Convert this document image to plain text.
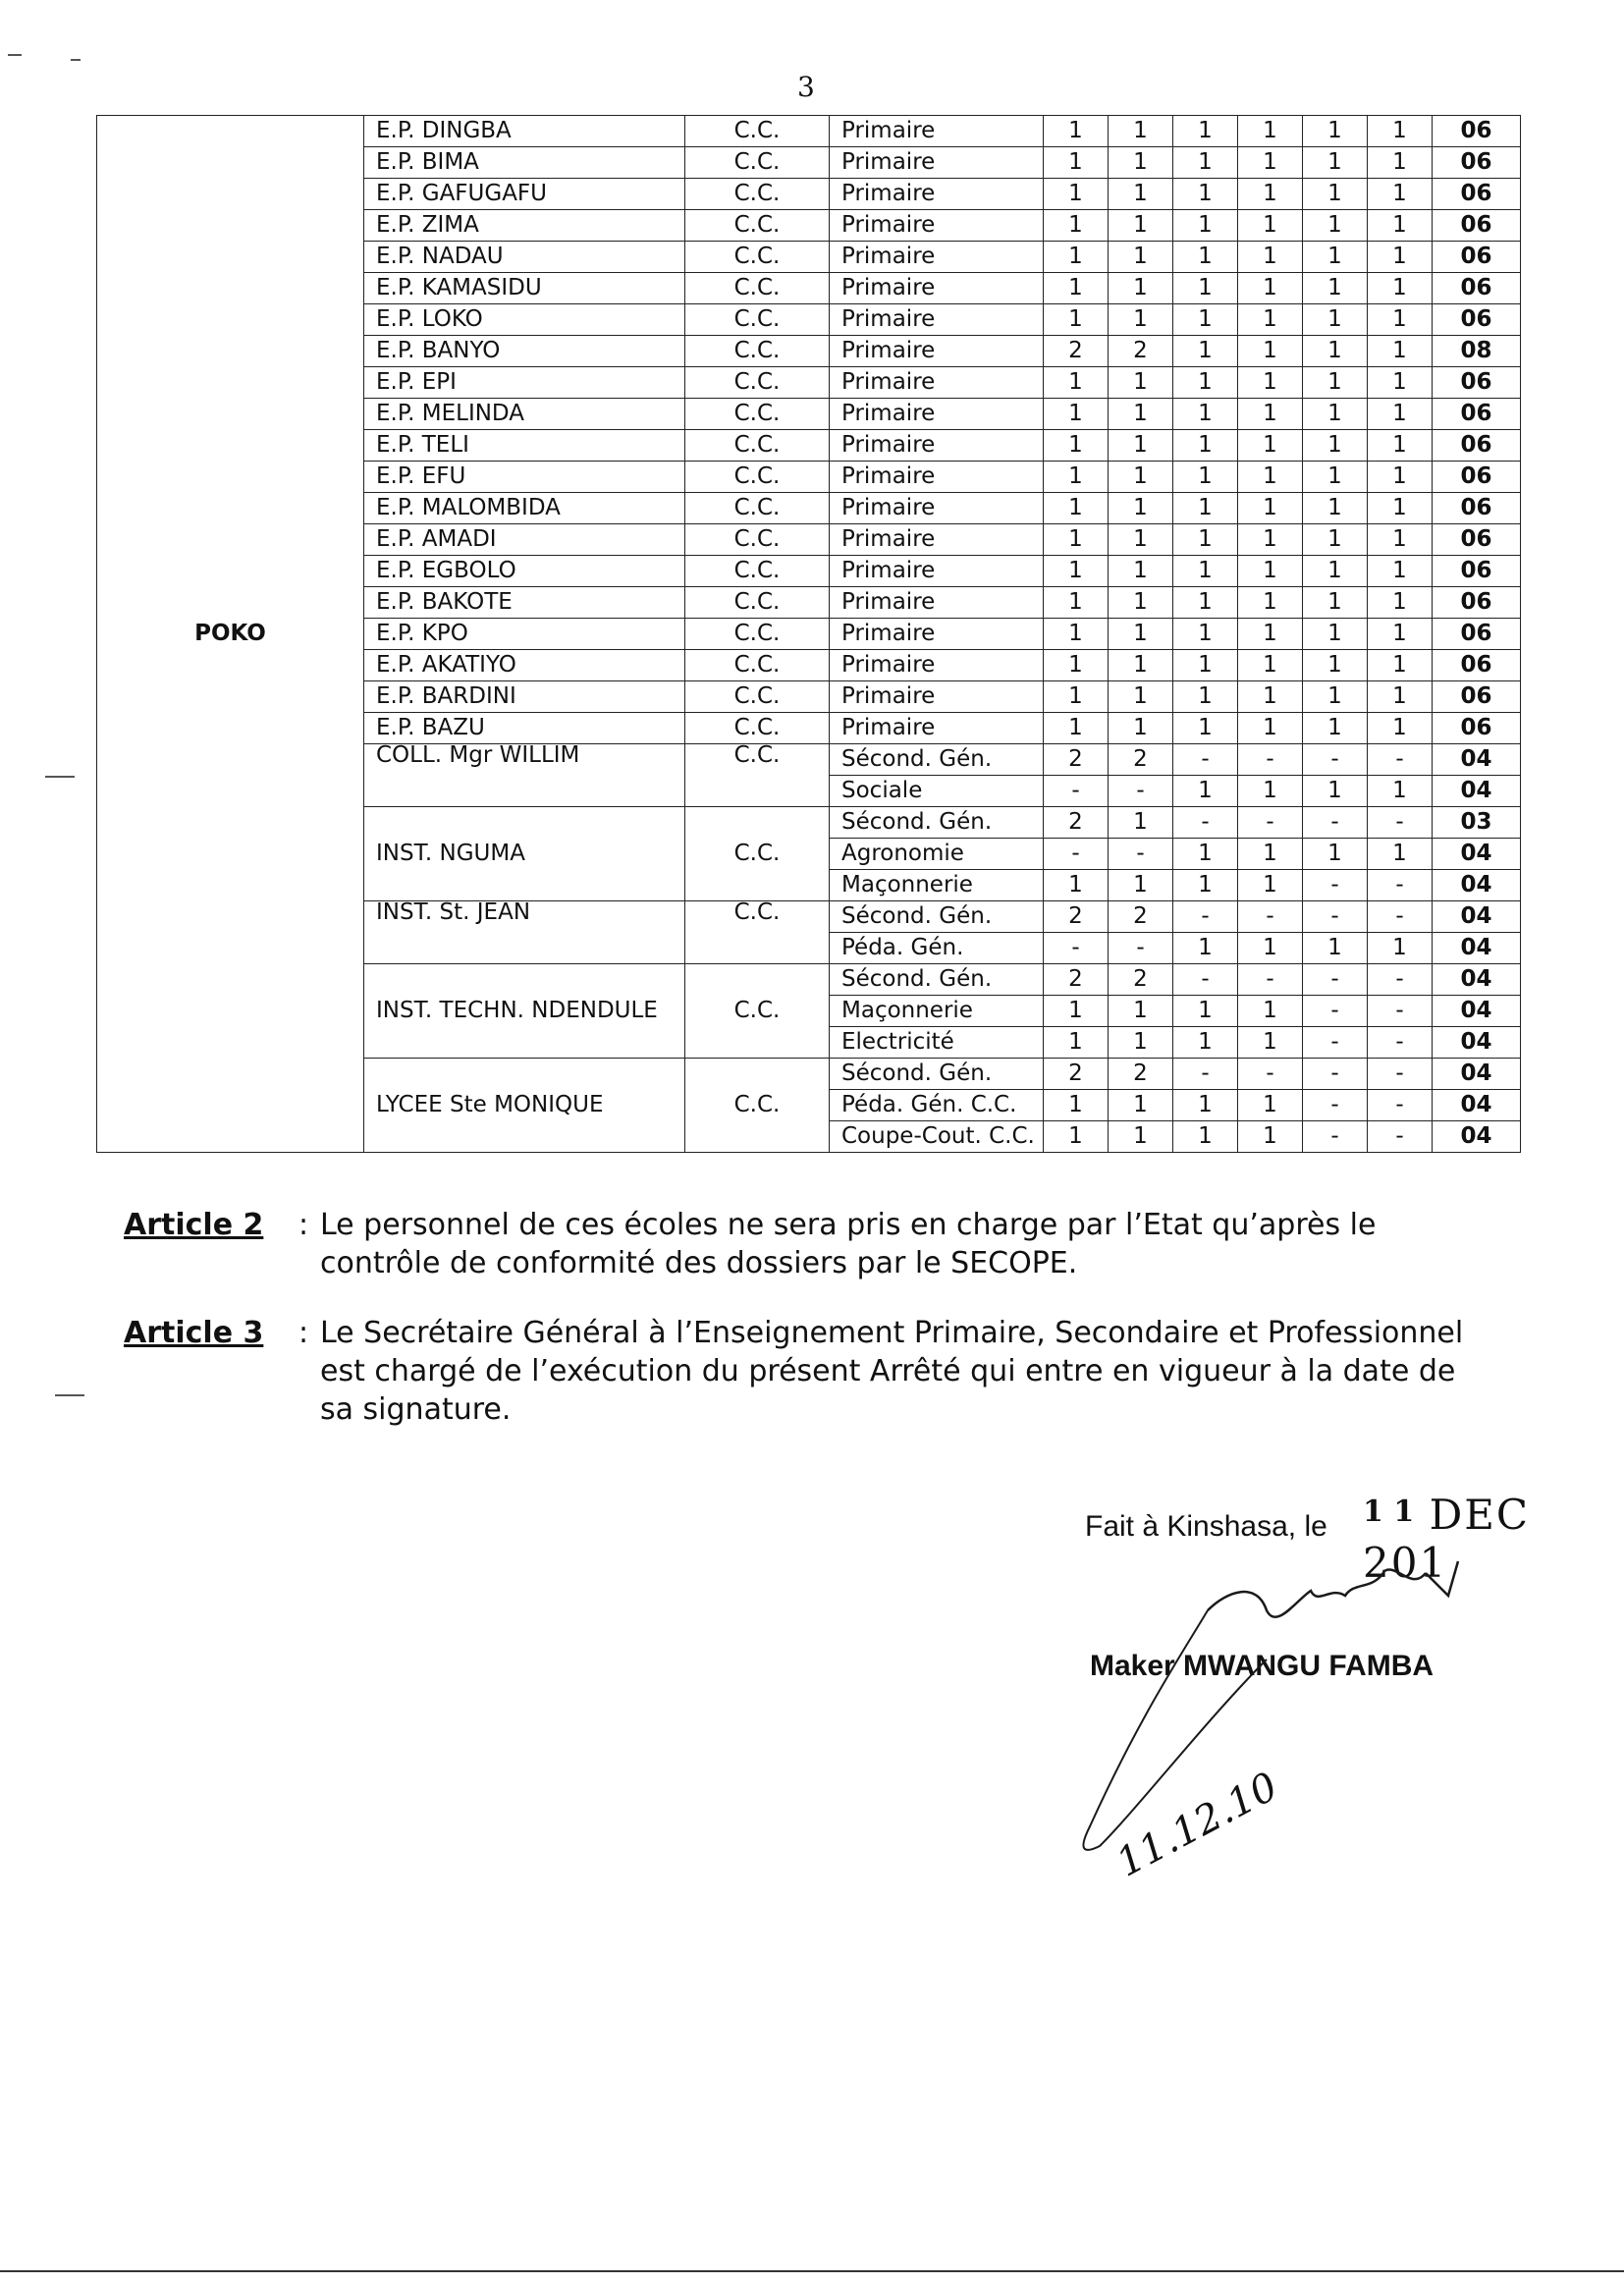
3
POKO	E.P. DINGBA	C.C.	Primaire	1	1	1	1	1	1	06
	E.P. BIMA	C.C.	Primaire	1	1	1	1	1	1	06
	E.P. GAFUGAFU	C.C.	Primaire	1	1	1	1	1	1	06
	E.P. ZIMA	C.C.	Primaire	1	1	1	1	1	1	06
	E.P. NADAU	C.C.	Primaire	1	1	1	1	1	1	06
	E.P. KAMASIDU	C.C.	Primaire	1	1	1	1	1	1	06
	E.P. LOKO	C.C.	Primaire	1	1	1	1	1	1	06
	E.P. BANYO	C.C.	Primaire	2	2	1	1	1	1	08
	E.P. EPI	C.C.	Primaire	1	1	1	1	1	1	06
	E.P. MELINDA	C.C.	Primaire	1	1	1	1	1	1	06
	E.P. TELI	C.C.	Primaire	1	1	1	1	1	1	06
	E.P. EFU	C.C.	Primaire	1	1	1	1	1	1	06
	E.P. MALOMBIDA	C.C.	Primaire	1	1	1	1	1	1	06
	E.P. AMADI	C.C.	Primaire	1	1	1	1	1	1	06
	E.P. EGBOLO	C.C.	Primaire	1	1	1	1	1	1	06
	E.P. BAKOTE	C.C.	Primaire	1	1	1	1	1	1	06
	E.P. KPO	C.C.	Primaire	1	1	1	1	1	1	06
	E.P. AKATIYO	C.C.	Primaire	1	1	1	1	1	1	06
	E.P. BARDINI	C.C.	Primaire	1	1	1	1	1	1	06
	E.P. BAZU	C.C.	Primaire	1	1	1	1	1	1	06
	COLL. Mgr WILLIM	C.C.	Sécond. Gén.	2	2	-	-	-	-	04
			Sociale	-	-	1	1	1	1	04
	INST. NGUMA	C.C.	Sécond. Gén.	2	1	-	-	-	-	03
			Agronomie	-	-	1	1	1	1	04
			Maçonnerie	1	1	1	1	-	-	04
	INST. St. JEAN	C.C.	Sécond. Gén.	2	2	-	-	-	-	04
			Péda. Gén.	-	-	1	1	1	1	04
	INST. TECHN. NDENDULE	C.C.	Sécond. Gén.	2	2	-	-	-	-	04
			Maçonnerie	1	1	1	1	-	-	04
			Electricité	1	1	1	1	-	-	04
	LYCEE Ste MONIQUE	C.C.	Sécond. Gén.	2	2	-	-	-	-	04
			Péda. Gén. C.C.	1	1	1	1	-	-	04
			Coupe-Cout. C.C.	1	1	1	1	-	-	04
Article 2 : Le personnel de ces écoles ne sera pris en charge par l’Etat qu’après le
contrôle de conformité des dossiers par le SECOPE.
Article 3 : Le Secrétaire Général à l’Enseignement Primaire, Secondaire et Professionnel
est chargé de l’exécution du présent Arrêté qui entre en vigueur à la date de
sa signature.
Fait à Kinshasa, le 1 1 DEC 201
Maker MWANGU FAMBA
11.12.10
